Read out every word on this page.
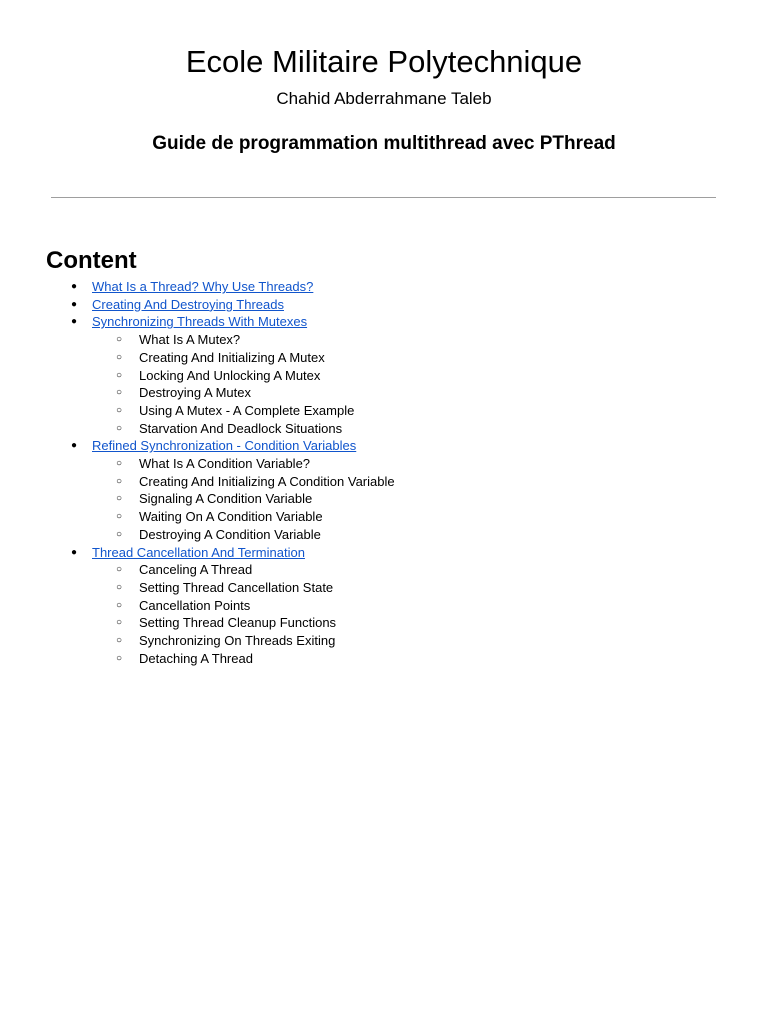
Ecole Militaire Polytechnique
Chahid Abderrahmane Taleb
Guide de programmation multithread avec PThread
Content
● What Is a Thread? Why Use Threads?
● Creating And Destroying Threads
● Synchronizing Threads With Mutexes
○ What Is A Mutex?
○ Creating And Initializing A Mutex
○ Locking And Unlocking A Mutex
○ Destroying A Mutex
○ Using A Mutex - A Complete Example
○ Starvation And Deadlock Situations
● Refined Synchronization - Condition Variables
○ What Is A Condition Variable?
○ Creating And Initializing A Condition Variable
○ Signaling A Condition Variable
○ Waiting On A Condition Variable
○ Destroying A Condition Variable
● Thread Cancellation And Termination
○ Canceling A Thread
○ Setting Thread Cancellation State
○ Cancellation Points
○ Setting Thread Cleanup Functions
○ Synchronizing On Threads Exiting
○ Detaching A Thread
